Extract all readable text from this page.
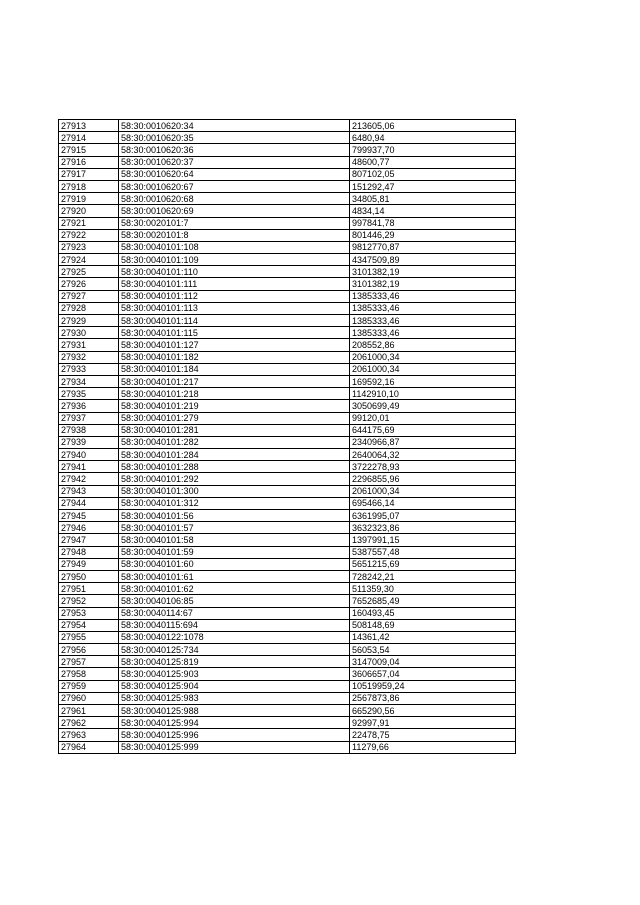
27913	58:30:0010620:34	213605,06
27914	58:30:0010620:35	6480,94
27915	58:30:0010620:36	799937,70
27916	58:30:0010620:37	48600,77
27917	58:30:0010620:64	807102,05
27918	58:30:0010620:67	151292,47
27919	58:30:0010620:68	34805,81
27920	58:30:0010620:69	4834,14
27921	58:30:0020101:7	997841,78
27922	58:30:0020101:8	801446,29
27923	58:30:0040101:108	9812770,87
27924	58:30:0040101:109	4347509,89
27925	58:30:0040101:110	3101382,19
27926	58:30:0040101:111	3101382,19
27927	58:30:0040101:112	1385333,46
27928	58:30:0040101:113	1385333,46
27929	58:30:0040101:114	1385333,46
27930	58:30:0040101:115	1385333,46
27931	58:30:0040101:127	208552,86
27932	58:30:0040101:182	2061000,34
27933	58:30:0040101:184	2061000,34
27934	58:30:0040101:217	169592,16
27935	58:30:0040101:218	1142910,10
27936	58:30:0040101:219	3050699,49
27937	58:30:0040101:279	99120,01
27938	58:30:0040101:281	644175,69
27939	58:30:0040101:282	2340966,87
27940	58:30:0040101:284	2640064,32
27941	58:30:0040101:288	3722278,93
27942	58:30:0040101:292	2296855,96
27943	58:30:0040101:300	2061000,34
27944	58:30:0040101:312	695466,14
27945	58:30:0040101:56	6361995,07
27946	58:30:0040101:57	3632323,86
27947	58:30:0040101:58	1397991,15
27948	58:30:0040101:59	5387557,48
27949	58:30:0040101:60	5651215,69
27950	58:30:0040101:61	728242,21
27951	58:30:0040101:62	511359,30
27952	58:30:0040106:85	7652685,49
27953	58:30:0040114:67	160493,45
27954	58:30:0040115:694	508148,69
27955	58:30:0040122:1078	14361,42
27956	58:30:0040125:734	56053,54
27957	58:30:0040125:819	3147009,04
27958	58:30:0040125:903	3606657,04
27959	58:30:0040125:904	10519959,24
27960	58:30:0040125:983	2567873,86
27961	58:30:0040125:988	665290,56
27962	58:30:0040125:994	92997,91
27963	58:30:0040125:996	22478,75
27964	58:30:0040125:999	11279,66
